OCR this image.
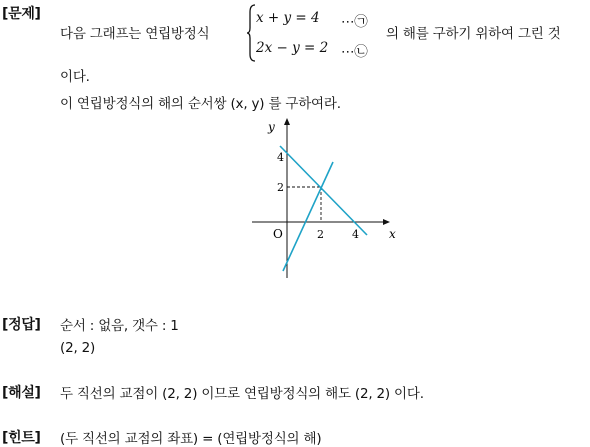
[문제]
다음 그래프는 연립방정식
x + y = 4 ⋯㉠
2x − y = 2 ⋯㉡
의 해를 구하기 위하여 그린 것
이다.
이 연립방정식의 해의 순서쌍 (x, y) 를 구하여라.
y
x
O
4
2
2	4
[정답] 순서 : 없음, 갯수 : 1
(2, 2)
[해설] 두 직선의 교점이 (2, 2) 이므로 연립방정식의 해도 (2, 2) 이다.
[힌트] (두 직선의 교점의 좌표) = (연립방정식의 해)
